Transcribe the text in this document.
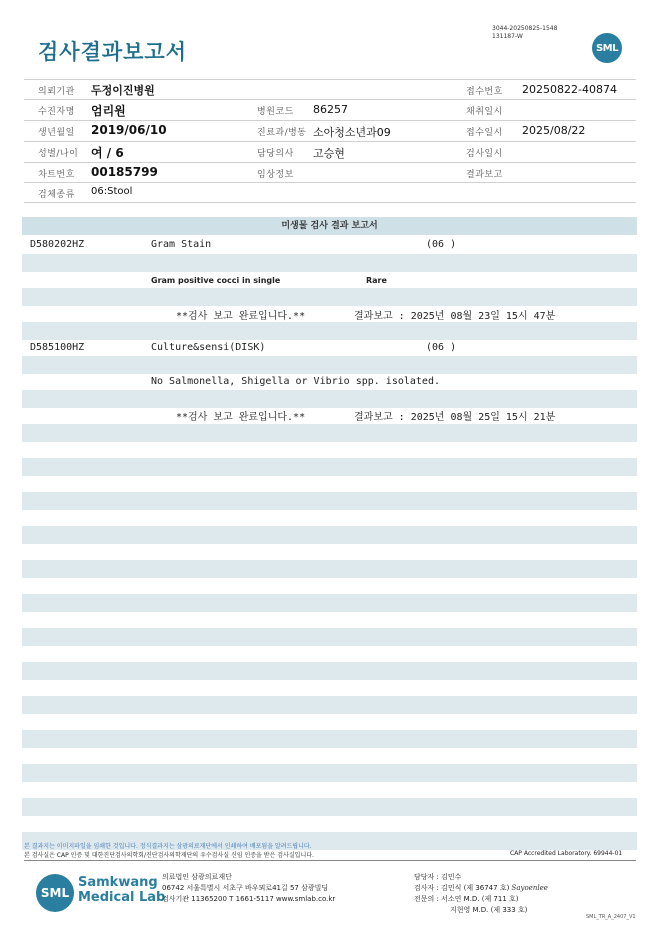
검사결과보고서
3044-20250825-1548
131187-W
SML
의뢰기관 두정이진병원	접수번호 20250822-40874
수진자명 엄리원	병원코드 86257	채취일시
생년월일 2019/06/10	진료과/병동 소아청소년과09	접수일시 2025/08/22
성별/나이 여 / 6	담당의사 고승현	검사일시
차트번호 00185799	임상정보	결과보고
검체종류 06:Stool
미생물 검사 결과 보고서
D580202HZ	Gram Stain	(06 )
Gram positive cocci in single	Rare
**검사 보고 완료입니다.**	결과보고 : 2025년 08월 23일 15시 47분
D585100HZ	Culture&sensi(DISK)	(06 )
No Salmonella, Shigella or Vibrio spp. isolated.
**검사 보고 완료입니다.**	결과보고 : 2025년 08월 25일 15시 21분
본 결과지는 이미지파일을 임쇄한 것입니다. 정식결과지는 삼광의료재단에서 인쇄하여 배포됨을 알려드립니다.
본 검사실은 CAP 인증 및 대한진단검사의학회/진단검사의학재단의 우수검사실 신임 인증을 받은 검사실입니다.	CAP Accredited Laboratory. 69944-01
SML
Samkwang
Medical Lab
의료법인 삼광의료재단
06742 서울특별시 서초구 바우뫼로41길 57 삼광빌딩
검사기관 11365200 T 1661-5117 www.smlab.co.kr
담당자 : 김민수
검사자 : 김민식 (제 36747 호) Sayoenlee
전문의 : 서소연 M.D. (제 711 호)
지현영 M.D. (제 333 호)
SML_TR_A_2407_V1
